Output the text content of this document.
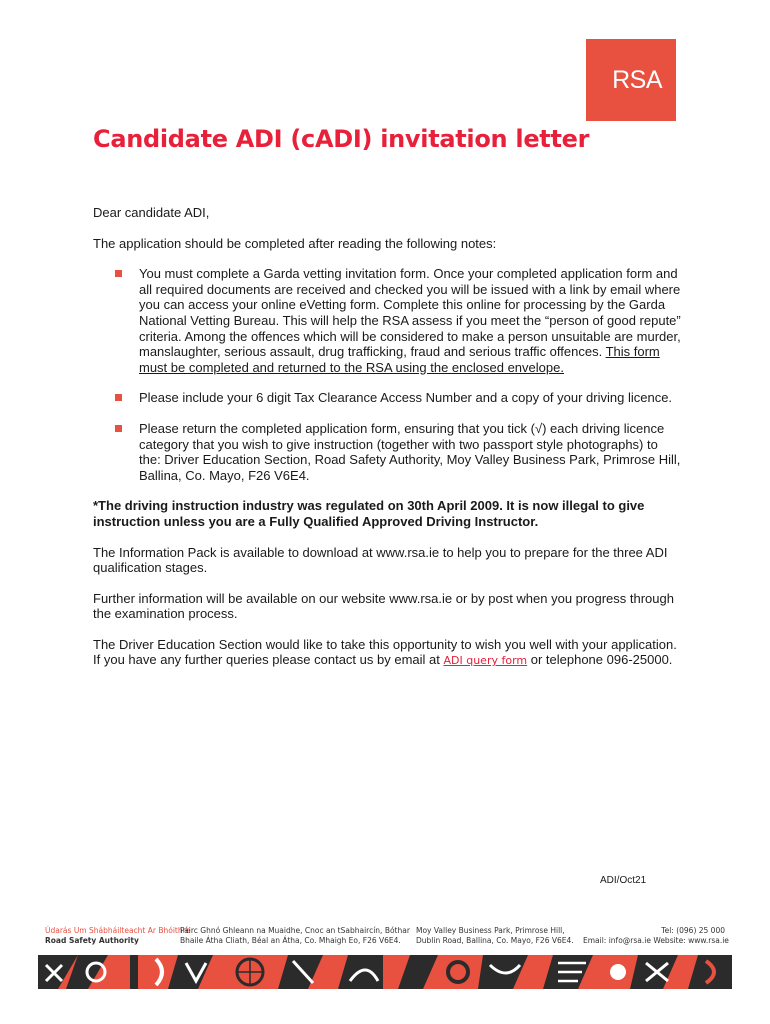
RSA
Candidate ADI (cADI) invitation letter

Dear candidate ADI,

The application should be completed after reading the following notes:

You must complete a Garda vetting invitation form. Once your completed application form and all required documents are received and checked you will be issued with a link by email where you can access your online eVetting form. Complete this online for processing by the Garda National Vetting Bureau. This will help the RSA assess if you meet the “person of good repute” criteria. Among the offences which will be considered to make a person unsuitable are murder, manslaughter, serious assault, drug trafficking, fraud and serious traffic offences. This form must be completed and returned to the RSA using the enclosed envelope.
Please include your 6 digit Tax Clearance Access Number and a copy of your driving licence.
Please return the completed application form, ensuring that you tick (√) each driving licence category that you wish to give instruction (together with two passport style photographs) to the: Driver Education Section, Road Safety Authority, Moy Valley Business Park, Primrose Hill, Ballina, Co. Mayo, F26 V6E4.

*The driving instruction industry was regulated on 30th April 2009. It is now illegal to give instruction unless you are a Fully Qualified Approved Driving Instructor.

The Information Pack is available to download at www.rsa.ie to help you to prepare for the three ADI qualification stages.

Further information will be available on our website www.rsa.ie or by post when you progress through the examination process.

The Driver Education Section would like to take this opportunity to wish you well with your application. If you have any further queries please contact us by email at ADI query form or telephone 096-25000.

ADI/Oct21
Údarás Um Shábháilteacht Ar Bhóithre
Road Safety Authority
Páirc Ghnó Ghleann na Muaidhe, Cnoc an tSabhaircín, Bóthar
Bhaile Átha Cliath, Béal an Átha, Co. Mhaigh Eo, F26 V6E4.
Moy Valley Business Park, Primrose Hill,
Dublin Road, Ballina, Co. Mayo, F26 V6E4.
Tel: (096) 25 000
Email: info@rsa.ie Website: www.rsa.ie
